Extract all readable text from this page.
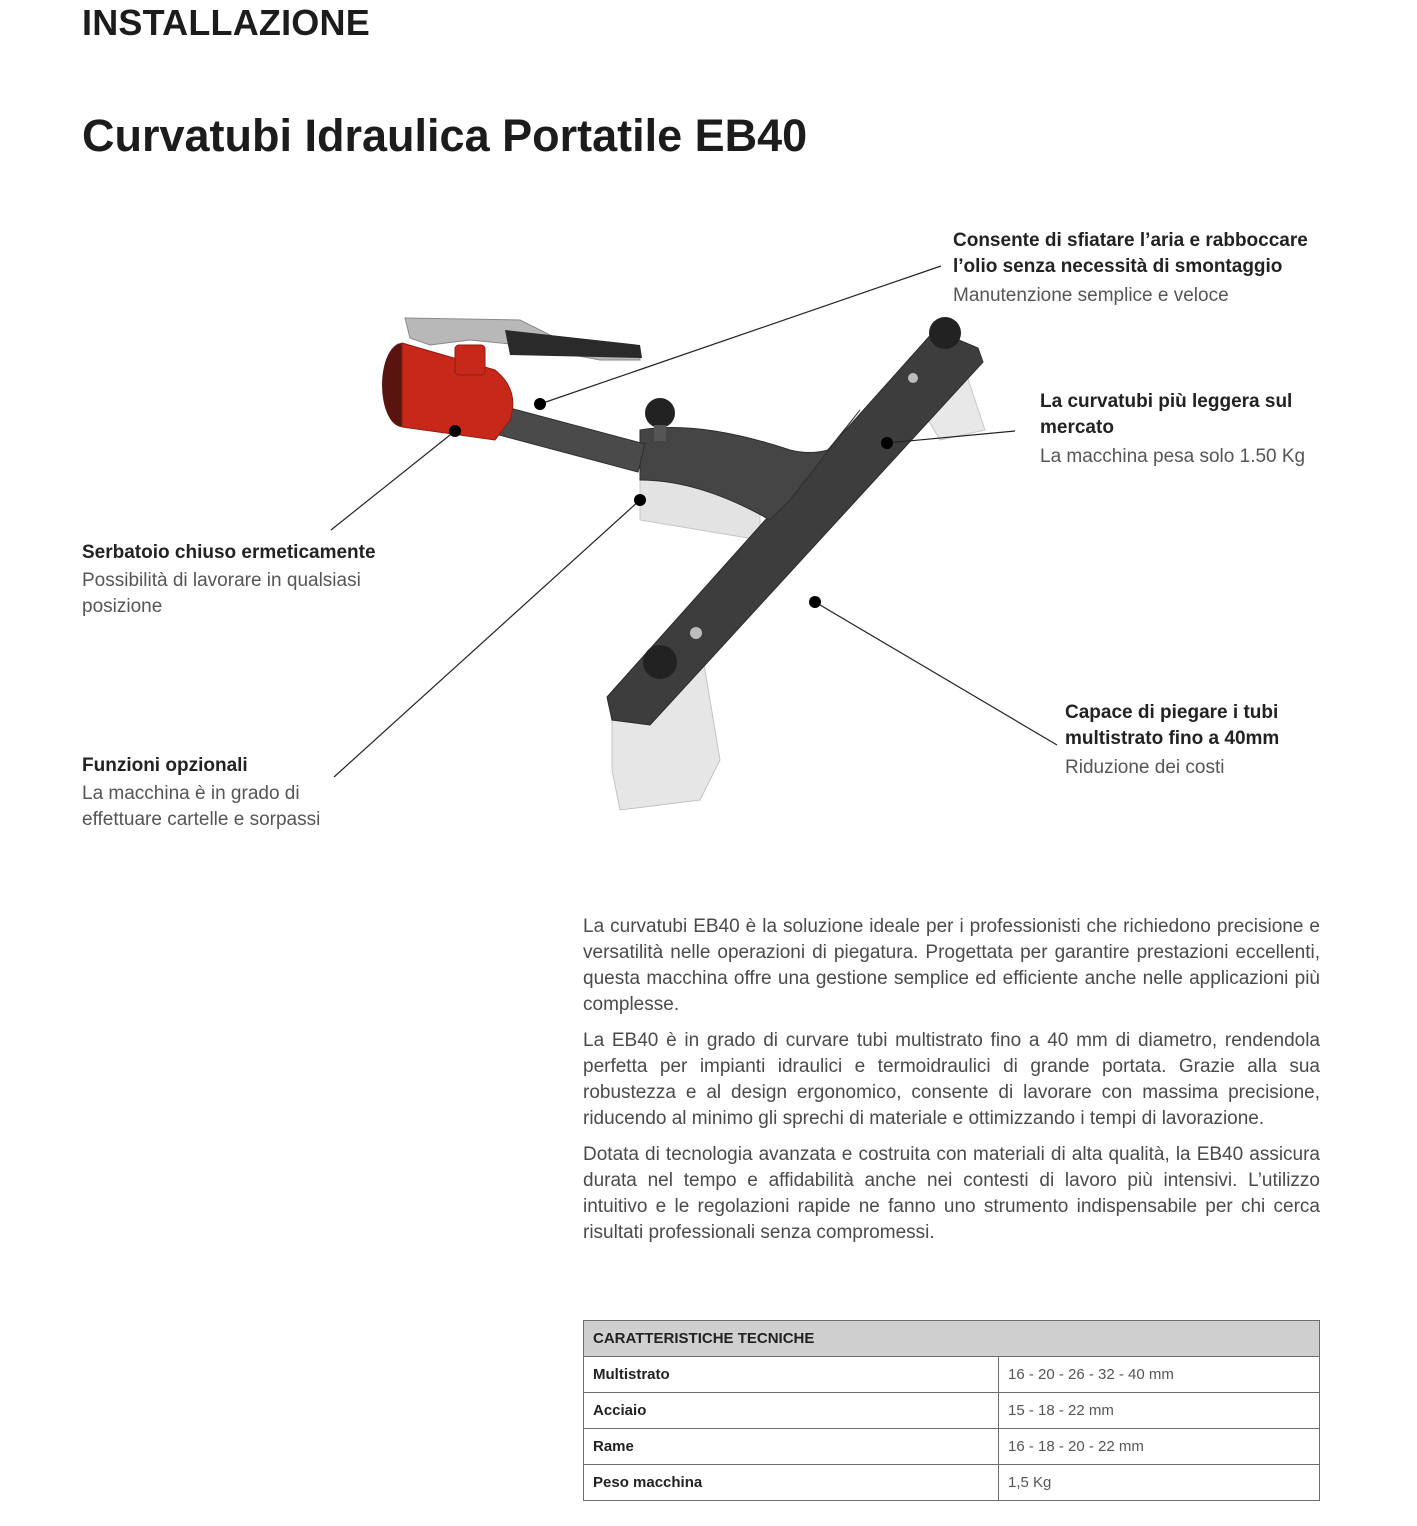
INSTALLAZIONE
Curvatubi Idraulica Portatile EB40
Consente di sfiatare l’aria e rabboccare
l’olio senza necessità di smontaggio
Manutenzione semplice e veloce
La curvatubi più leggera sul
mercato
La macchina pesa solo 1.50 Kg
Serbatoio chiuso ermeticamente
Possibilità di lavorare in qualsiasi
posizione
Funzioni opzionali
La macchina è in grado di
effettuare cartelle e sorpassi
Capace di piegare i tubi
multistrato fino a 40mm
Riduzione dei costi

La curvatubi EB40 è la soluzione ideale per i professionisti che richiedono precisione e versatilità nelle operazioni di piegatura. Progettata per garantire prestazioni eccellenti, questa macchina offre una gestione semplice ed efficiente anche nelle applicazioni più complesse.

La EB40 è in grado di curvare tubi multistrato fino a 40 mm di diametro, rendendola perfetta per impianti idraulici e termoidraulici di grande portata. Grazie alla sua robustezza e al design ergonomico, consente di lavorare con massima precisione, riducendo al minimo gli sprechi di materiale e ottimizzando i tempi di lavorazione.

Dotata di tecnologia avanzata e costruita con materiali di alta qualità, la EB40 assicura durata nel tempo e affidabilità anche nei contesti di lavoro più intensivi. L’utilizzo intuitivo e le regolazioni rapide ne fanno uno strumento indispensabile per chi cerca risultati professionali senza compromessi.

CARATTERISTICHE TECNICHE	
Multistrato	16 - 20 - 26 - 32 - 40 mm
Acciaio	15 - 18 - 22 mm
Rame	16 - 18 - 20 - 22 mm
Peso macchina	1,5 Kg
